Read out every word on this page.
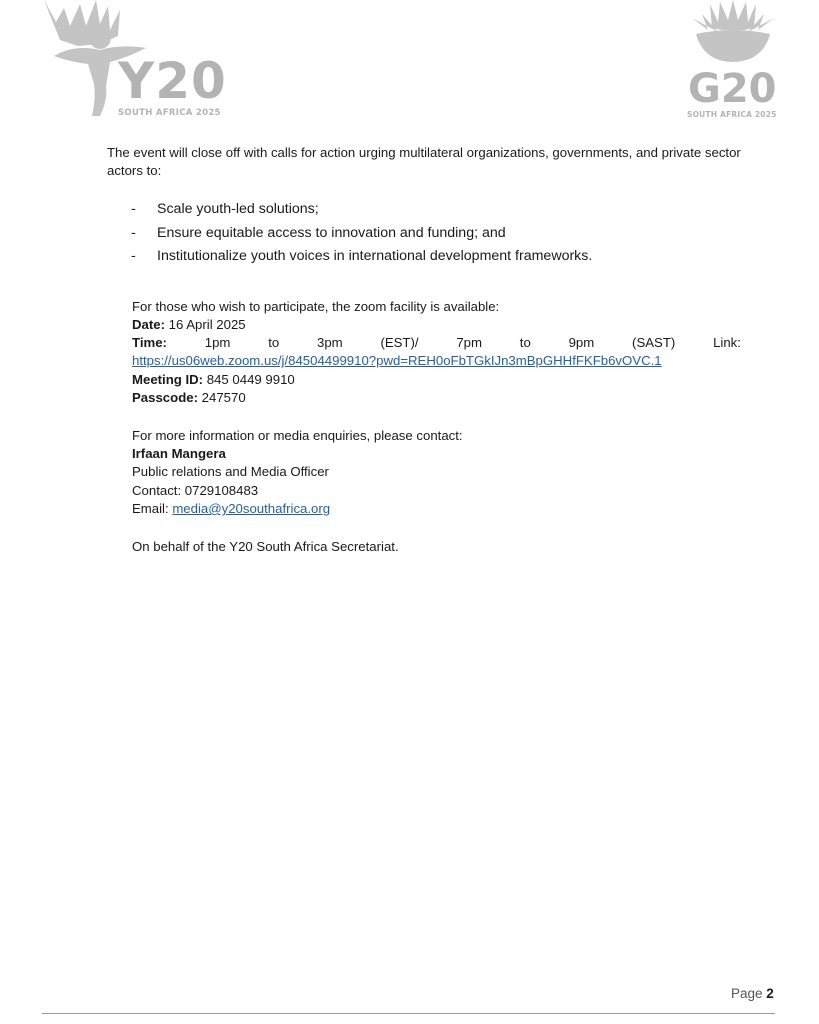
Y20
SOUTH AFRICA 2025
G20
SOUTH AFRICA 2025

The event will close off with calls for action urging multilateral organizations, governments, and private sector actors to:

-	Scale youth-led solutions;
-	Ensure equitable access to innovation and funding; and
-	Institutionalize youth voices in international development frameworks.

For those who wish to participate, the zoom facility is available:

Date: 16 April 2025

Time:	1pm	to	3pm	(EST)/	7pm	to	9pm	(SAST)	Link:

https://us06web.zoom.us/j/84504499910?pwd=REH0oFbTGkIJn3mBpGHHfFKFb6vOVC.1

Meeting ID: 845 0449 9910

Passcode: 247570

For more information or media enquiries, please contact:

Irfaan Mangera

Public relations and Media Officer

Contact: 0729108483

Email: media@y20southafrica.org

On behalf of the Y20 South Africa Secretariat.

Page 2
